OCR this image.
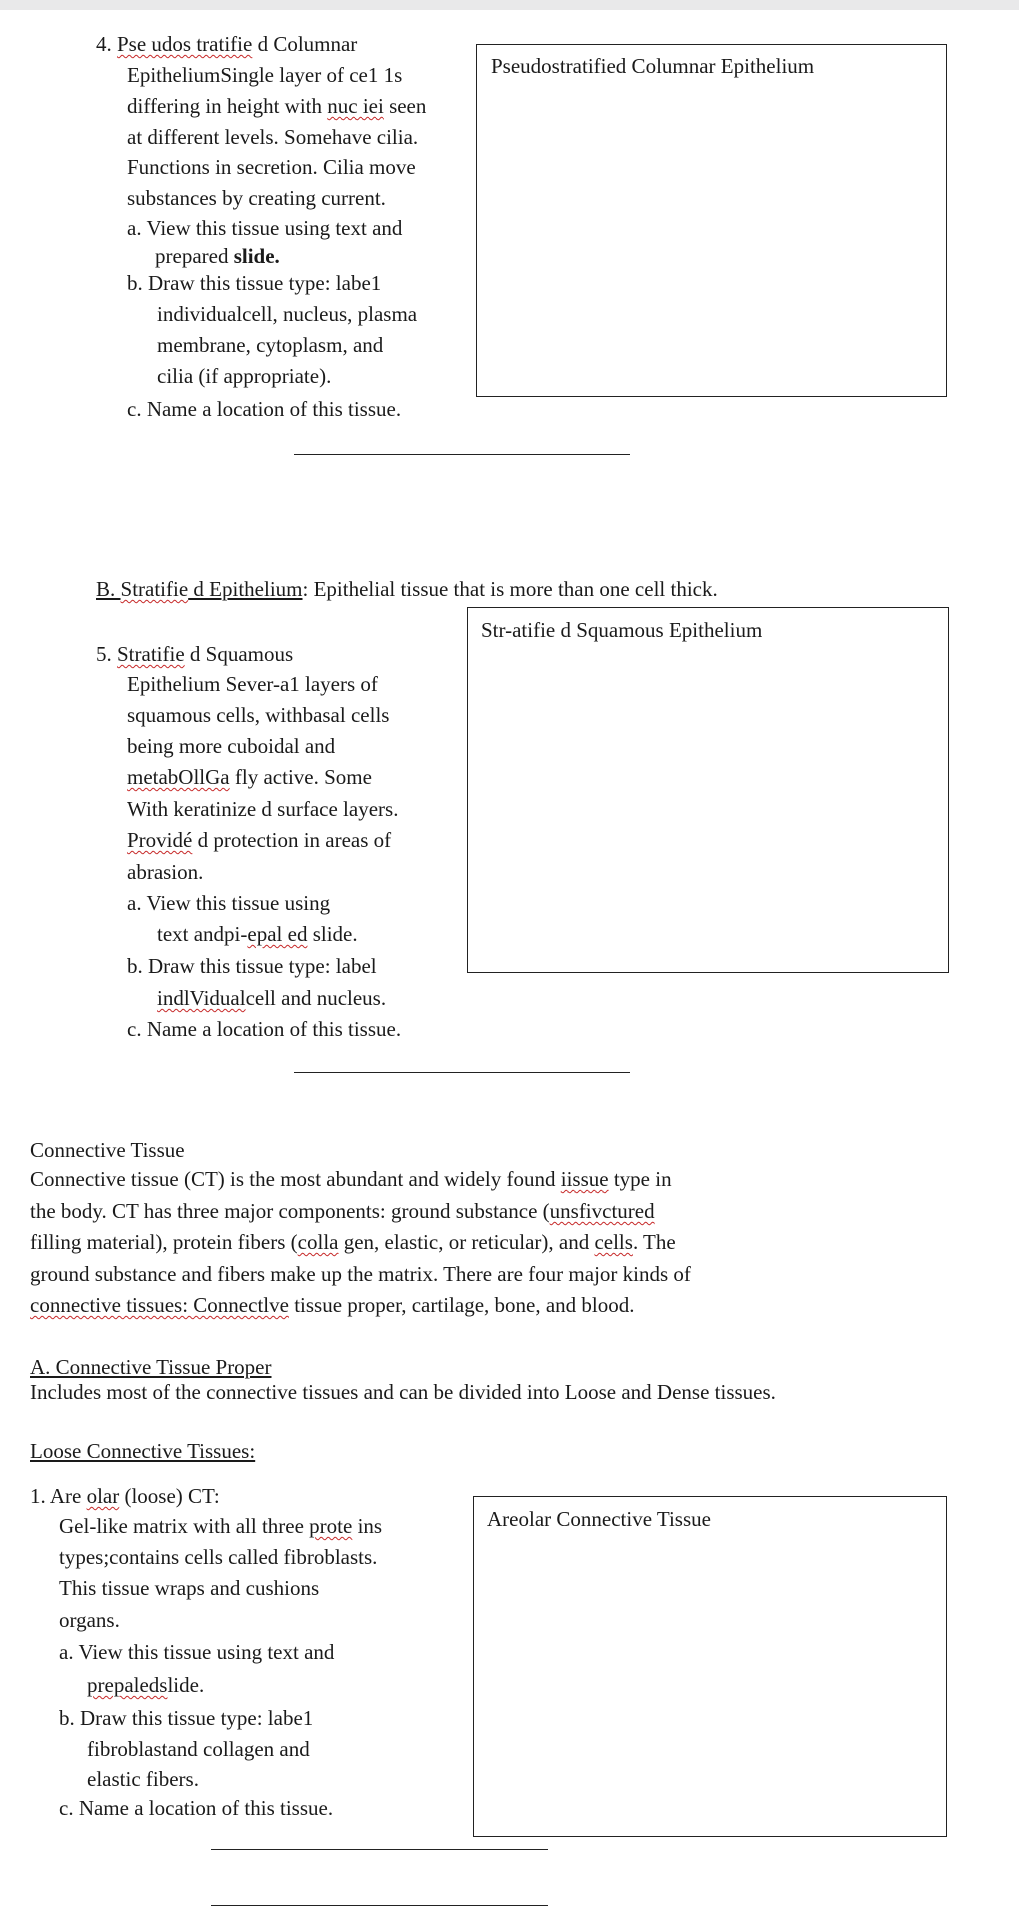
4. Pse udos tratifie d Columnar
EpitheliumSingle layer of ce1 1s
differing in height with nuc iei seen
at different levels. Somehave cilia.
Functions in secretion. Cilia move
substances by creating current.
a. View this tissue using text and
prepared slide.
b. Draw this tissue type: labe1
individualcell, nucleus, plasma
membrane, cytoplasm, and
cilia (if appropriate).
c. Name a location of this tissue.
Pseudostratified Columnar Epithelium
B. Stratifie d Epithelium: Epithelial tissue that is more than one cell thick.
5. Stratifie d Squamous
Epithelium Sever-a1 layers of
squamous cells, withbasal cells
being more cuboidal and
metabOllGa fly active. Some
With keratinize d surface layers.
Providé d protection in areas of
abrasion.
a. View this tissue using
text andpi-epal ed slide.
b. Draw this tissue type: label
indlVidualcell and nucleus.
c. Name a location of this tissue.
Str-atifie d Squamous Epithelium
Connective Tissue
Connective tissue (CT) is the most abundant and widely found iissue type in
the body. CT has three major components: ground substance (unsfivctured
filling material), protein fibers (colla gen, elastic, or reticular), and cells. The
ground substance and fibers make up the matrix. There are four major kinds of
connective tissues: Connectlve tissue proper, cartilage, bone, and blood.
A. Connective Tissue Proper
Includes most of the connective tissues and can be divided into Loose and Dense tissues.
Loose Connective Tissues:
1. Are olar (loose) CT:
Gel-like matrix with all three prote ins
types;contains cells called fibroblasts.
This tissue wraps and cushions
organs.
a. View this tissue using text and
prepaledslide.
b. Draw this tissue type: labe1
fibroblastand collagen and
elastic fibers.
c. Name a location of this tissue.
Areolar Connective Tissue
